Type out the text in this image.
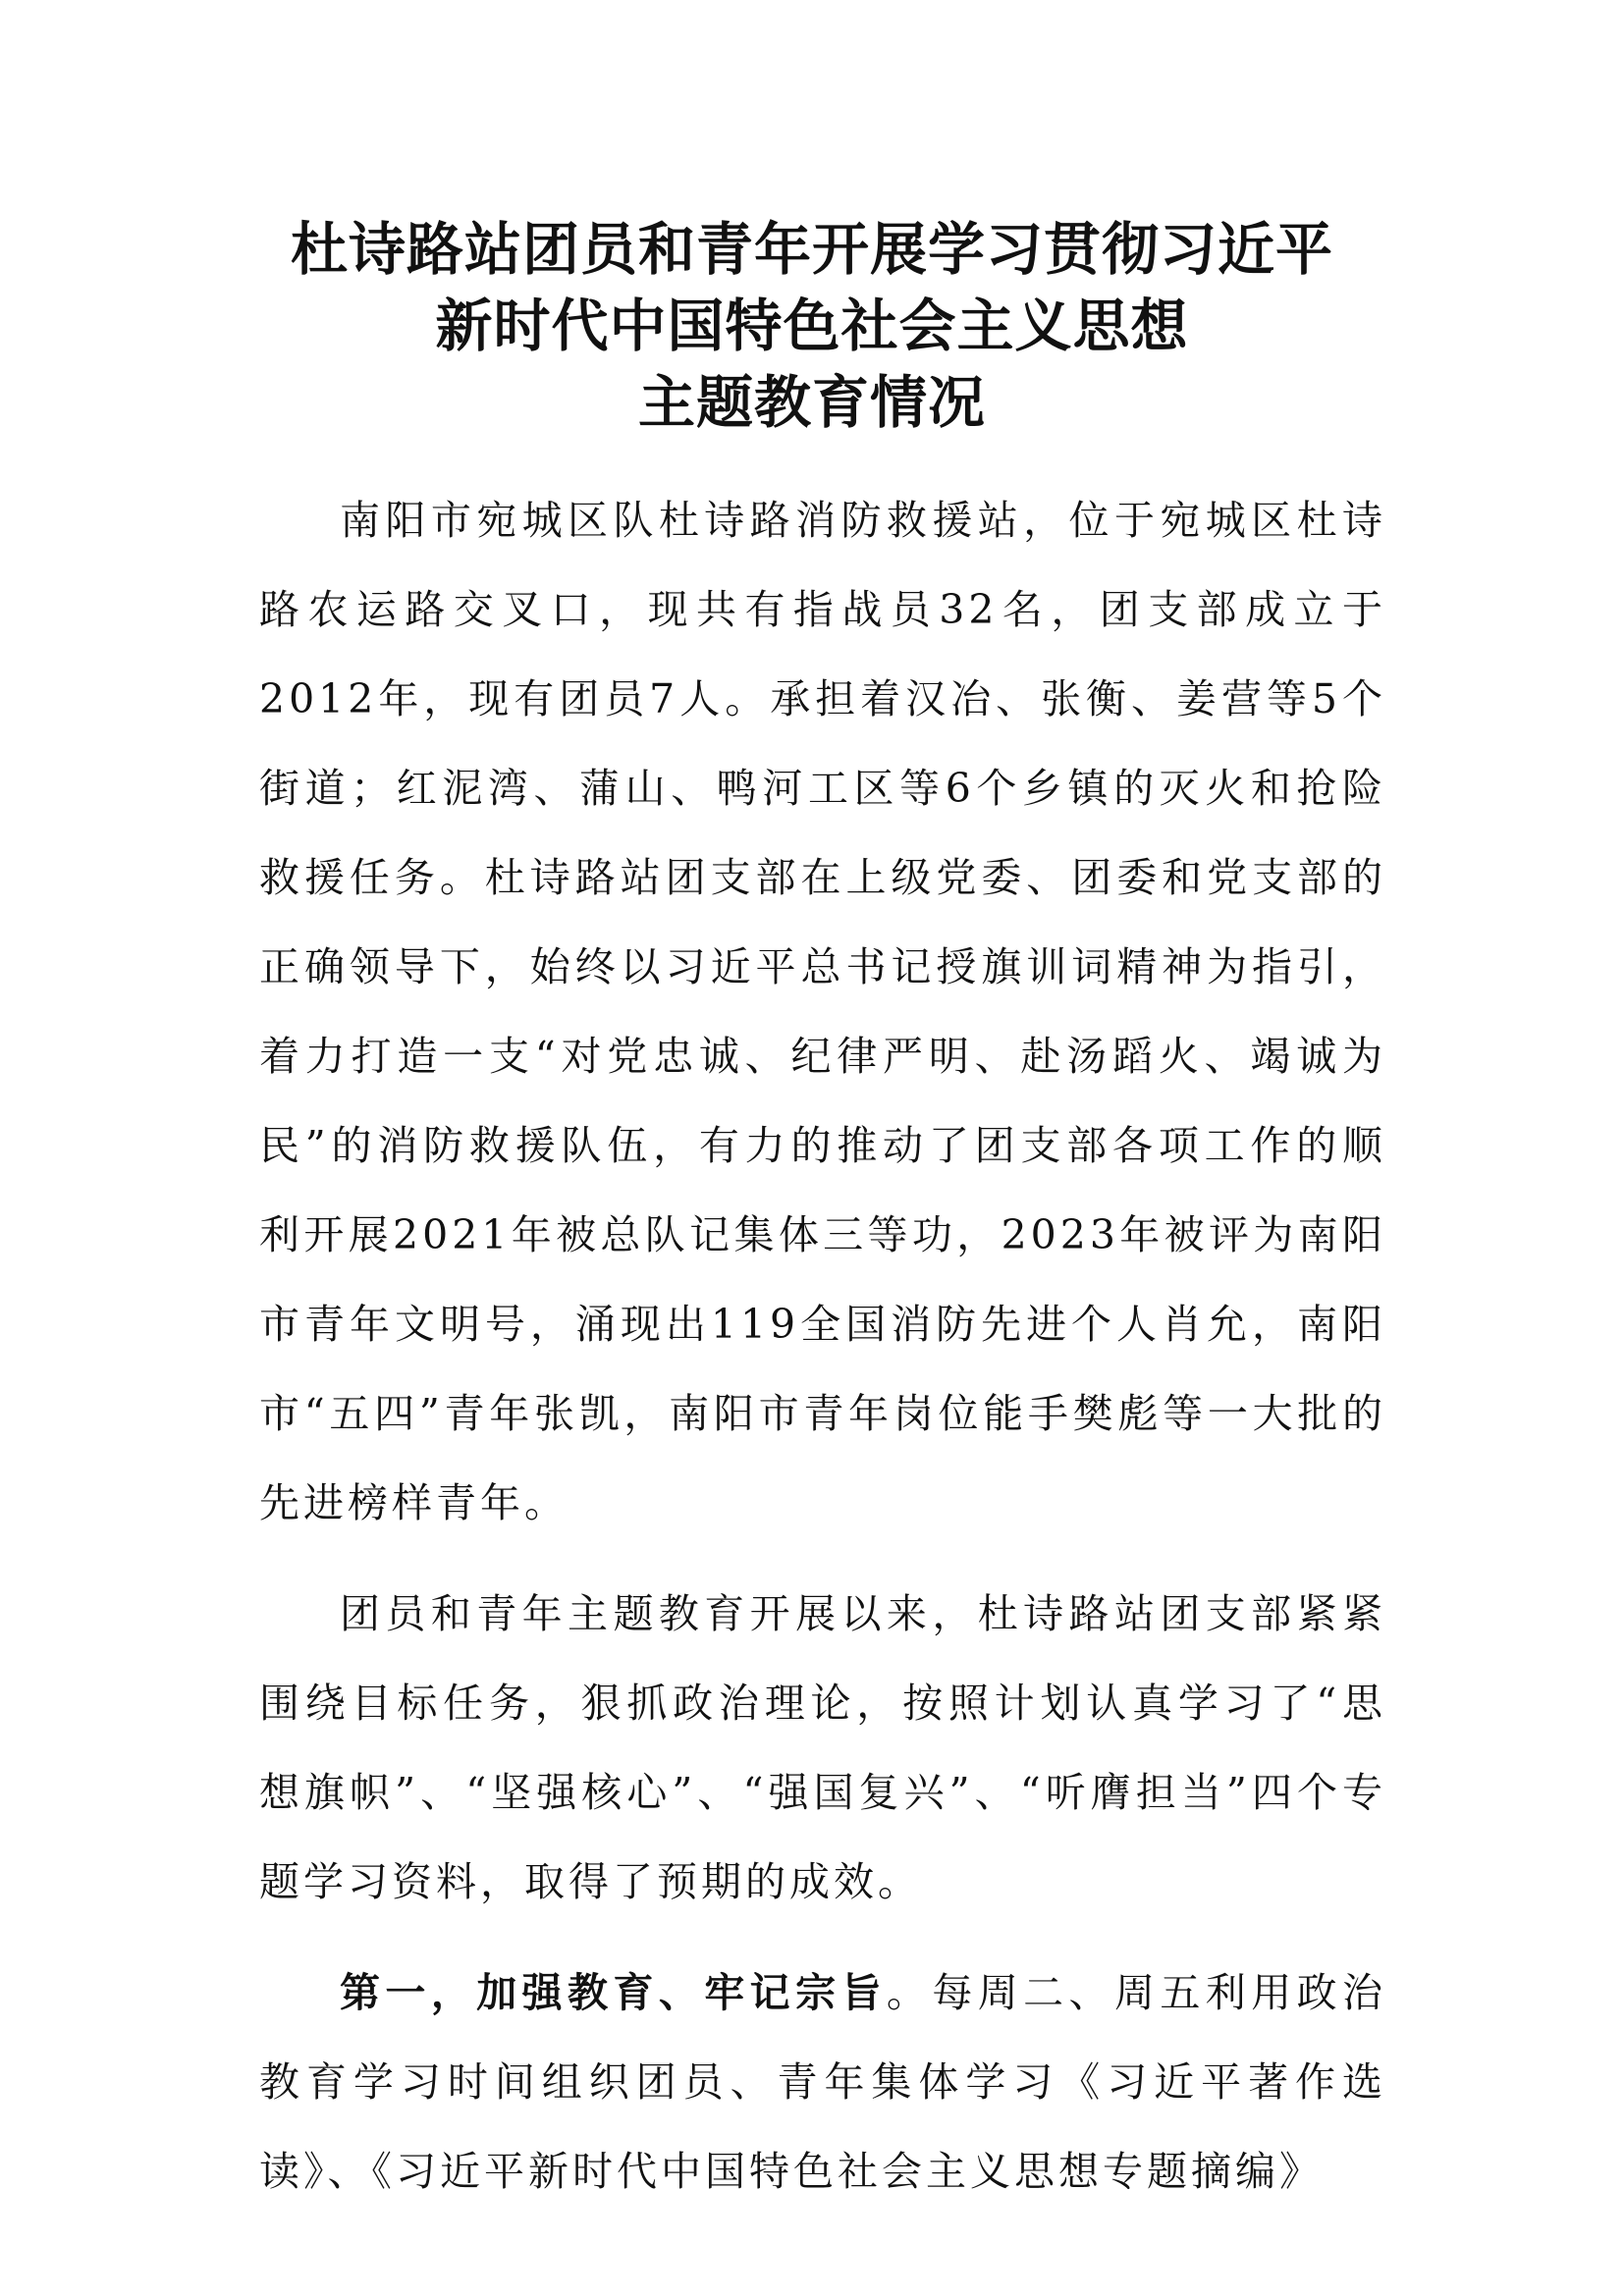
杜诗路站团员和青年开展学习贯彻习近平
新时代中国特色社会主义思想
主题教育情况

南阳市宛城区队杜诗路消防救援站，位于宛城区杜诗路农运路交叉口，现共有指战员32名，团支部成立于2012年，现有团员7人。承担着汉冶、张衡、姜营等5个街道；红泥湾、蒲山、鸭河工区等6个乡镇的灭火和抢险救援任务。杜诗路站团支部在上级党委、团委和党支部的正确领导下，始终以习近平总书记授旗训词精神为指引，着力打造一支“对党忠诚、纪律严明、赴汤蹈火、竭诚为民”的消防救援队伍，有力的推动了团支部各项工作的顺利开展2021年被总队记集体三等功，2023年被评为南阳市青年文明号，涌现出119全国消防先进个人肖允，南阳市“五四”青年张凯，南阳市青年岗位能手樊彪等一大批的先进榜样青年。

团员和青年主题教育开展以来，杜诗路站团支部紧紧围绕目标任务，狠抓政治理论，按照计划认真学习了“思想旗帜”、“坚强核心”、“强国复兴”、“听膺担当”四个专题学习资料，取得了预期的成效。

第一，加强教育、牢记宗旨。每周二、周五利用政治教育学习时间组织团员、青年集体学习《习近平著作选读》、《习近平新时代中国特色社会主义思想专题摘编》
